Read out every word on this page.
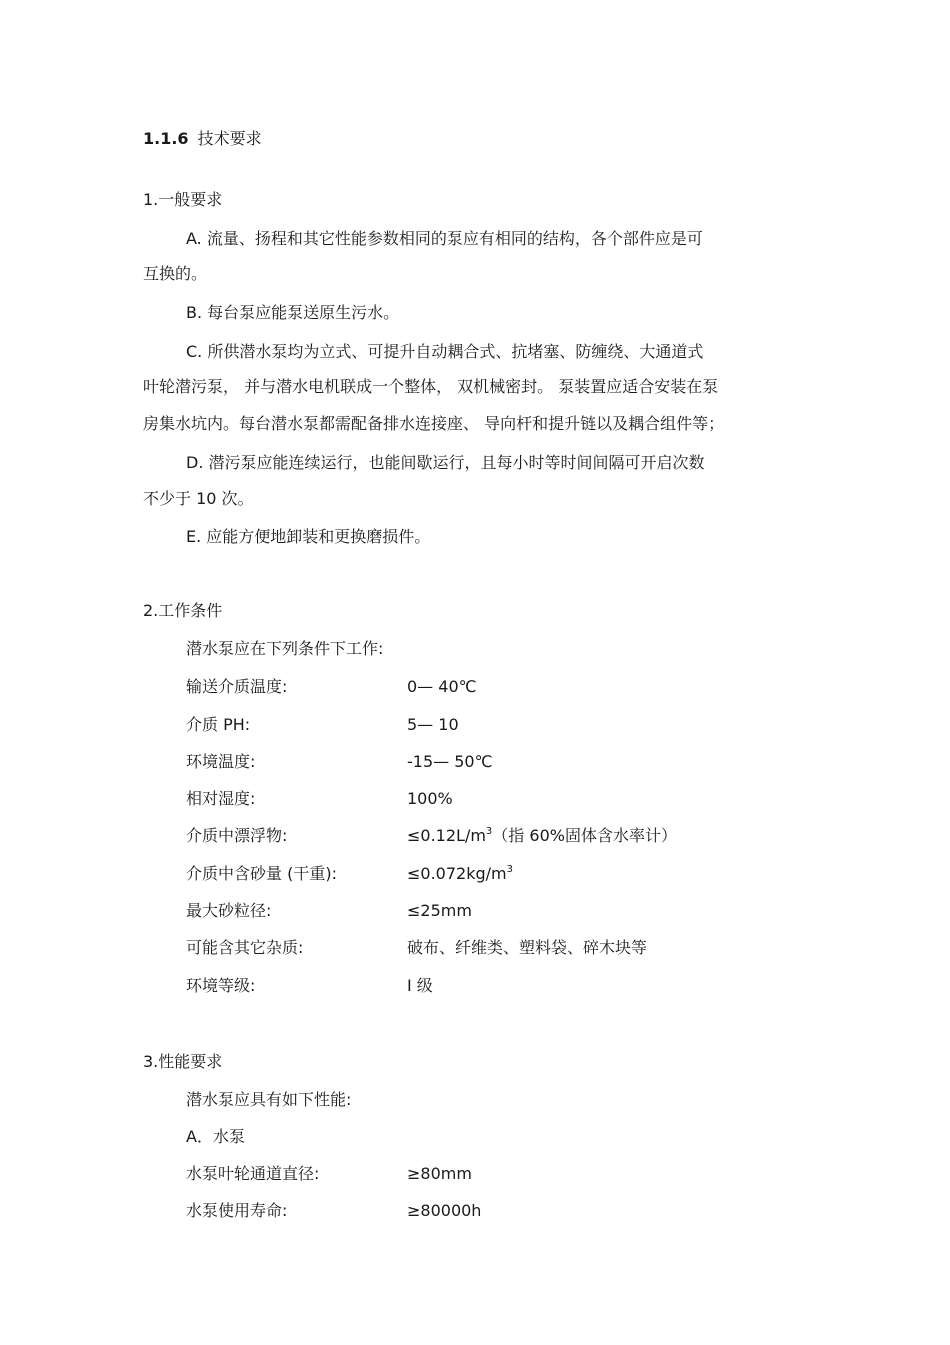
1.1.6 技术要求
1.一般要求
A. 流量、扬程和其它性能参数相同的泵应有相同的结构，各个部件应是可
互换的。
B. 每台泵应能泵送原生污水。
C. 所供潜水泵均为立式、可提升自动耦合式、抗堵塞、防缠绕、大通道式
叶轮潜污泵， 并与潜水电机联成一个整体， 双机械密封。 泵装置应适合安装在泵
房集水坑内。每台潜水泵都需配备排水连接座、 导向杆和提升链以及耦合组件等；
D. 潜污泵应能连续运行，也能间歇运行，且每小时等时间间隔可开启次数
不少于 10 次。
E. 应能方便地卸装和更换磨损件。
2.工作条件
潜水泵应在下列条件下工作:
输送介质温度:	0— 40℃
介质 PH:	5— 10
环境温度:	-15— 50℃
相对湿度:	100%
介质中漂浮物:	$\le 0.12L/m^3$（指 60%固体含水率计）
介质中含砂量 (干重):	$\le 0.072kg/m^3$
最大砂粒径:	≤25mm
可能含其它杂质:	破布、纤维类、塑料袋、碎木块等
环境等级:	I 级
3.性能要求
潜水泵应具有如下性能:
A．水泵
水泵叶轮通道直径:	≥80mm
水泵使用寿命:	≥80000h
